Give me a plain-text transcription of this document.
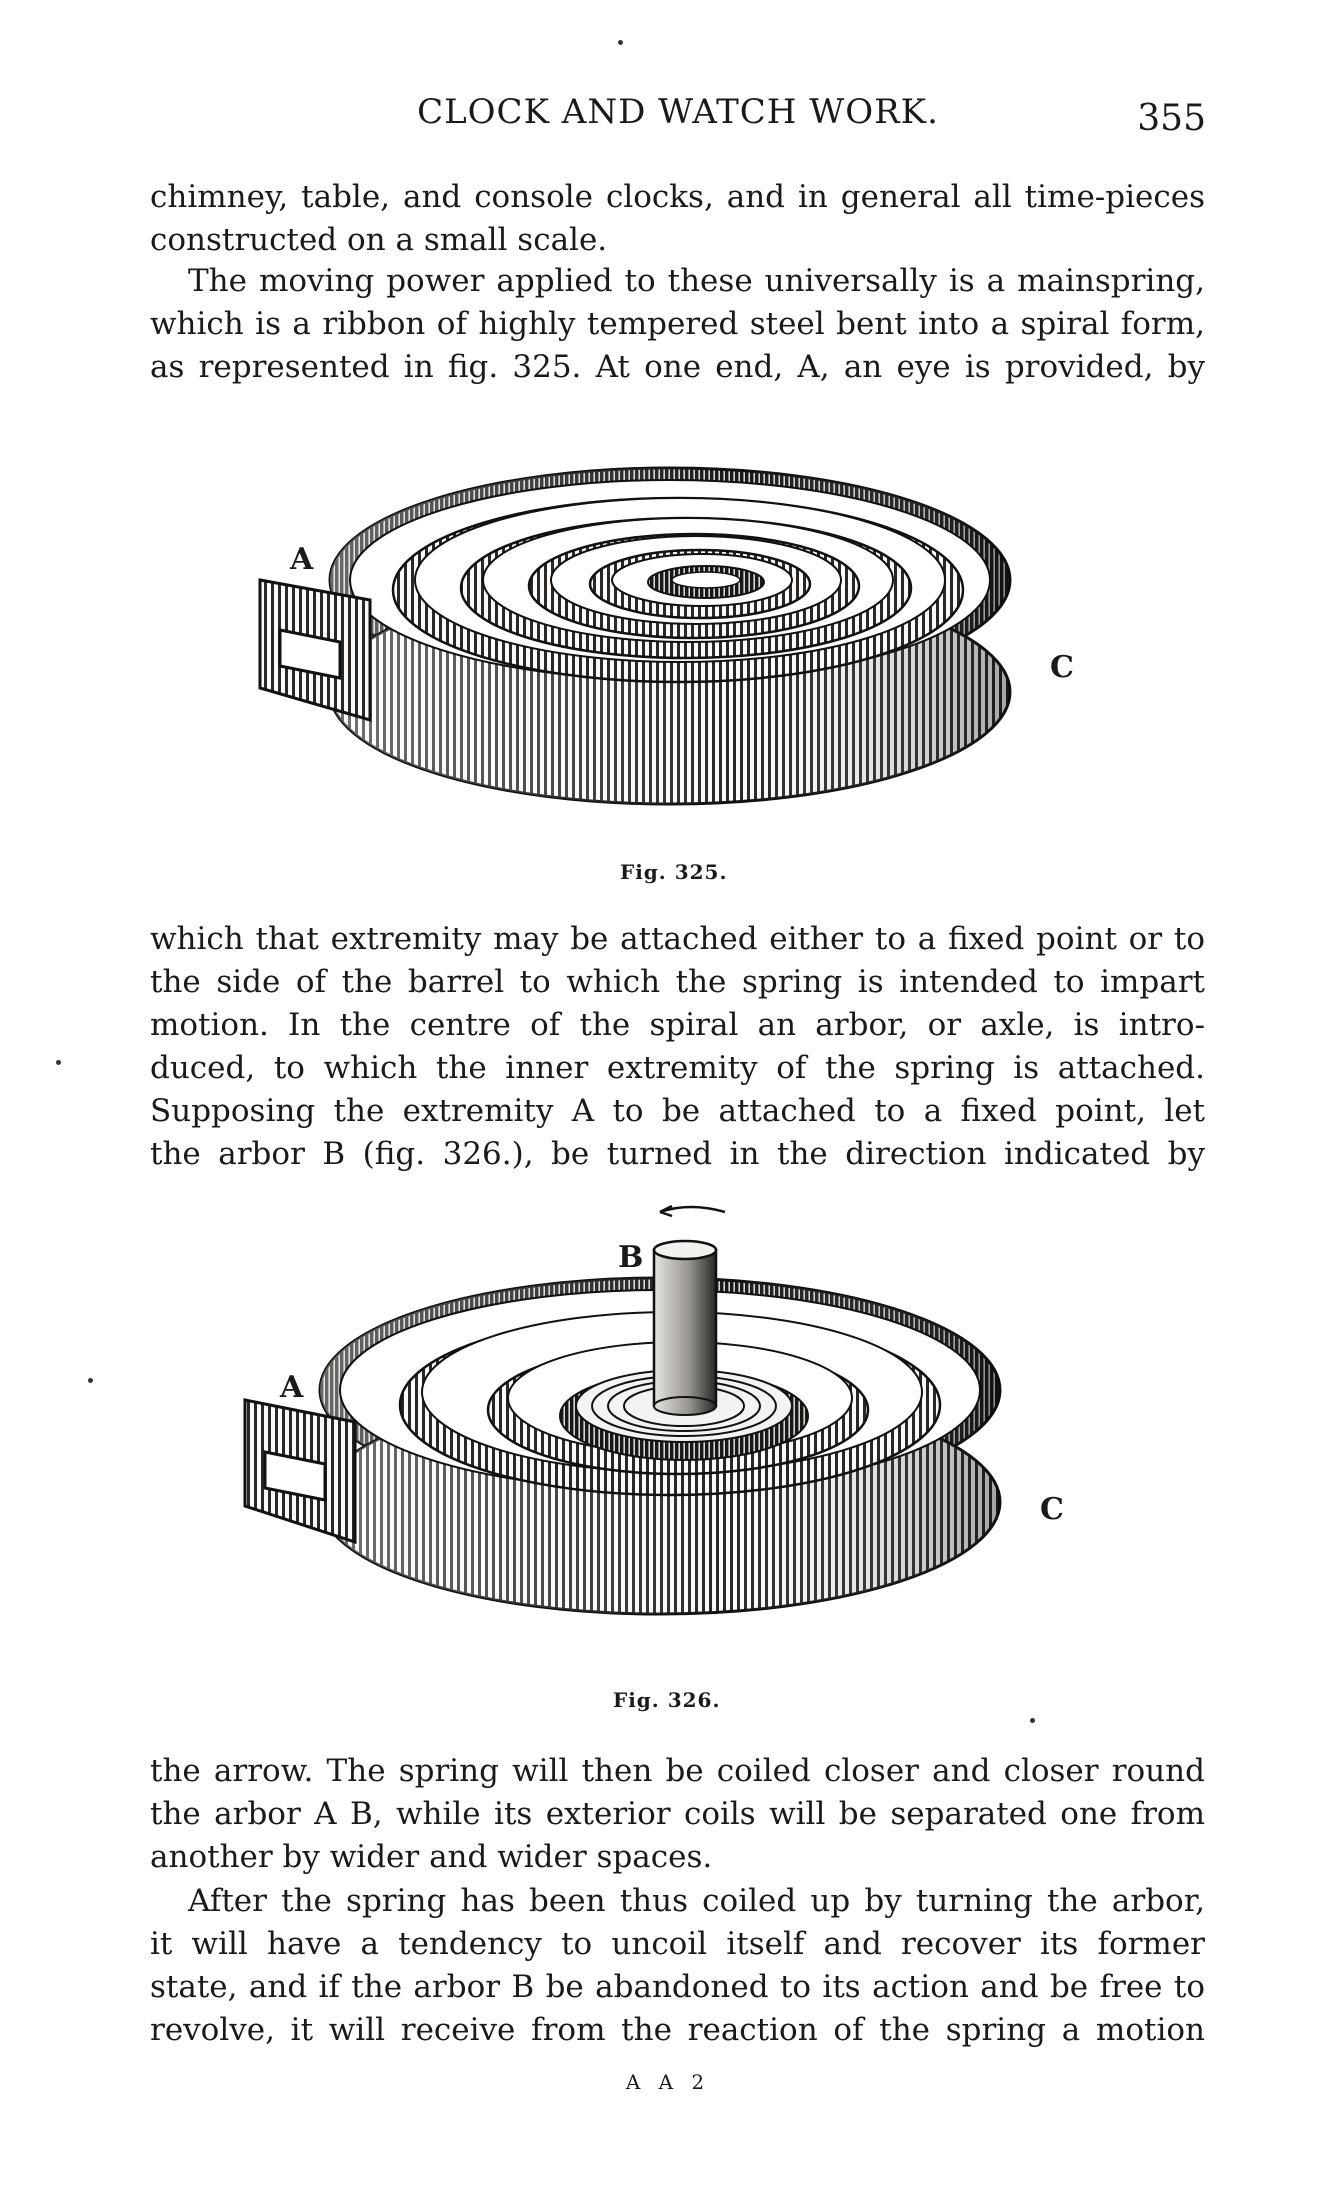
CLOCK AND WATCH WORK.	355

chimney, table, and console clocks, and in general all time-pieces
constructed on a small scale.

The moving power applied to these universally is a mainspring,
which is a ribbon of highly tempered steel bent into a spiral form,
as represented in fig. 325. At one end, A, an eye is provided, by

A
C
Fig. 325.

which that extremity may be attached either to a fixed point or to
the side of the barrel to which the spring is intended to impart
motion. In the centre of the spiral an arbor, or axle, is intro-
duced, to which the inner extremity of the spring is attached.
Supposing the extremity A to be attached to a fixed point, let
the arbor B (fig. 326.), be turned in the direction indicated by

B
A
C
Fig. 326.

the arrow. The spring will then be coiled closer and closer round
the arbor A B, while its exterior coils will be separated one from
another by wider and wider spaces.

After the spring has been thus coiled up by turning the arbor,
it will have a tendency to uncoil itself and recover its former
state, and if the arbor B be abandoned to its action and be free to
revolve, it will receive from the reaction of the spring a motion

A A 2
